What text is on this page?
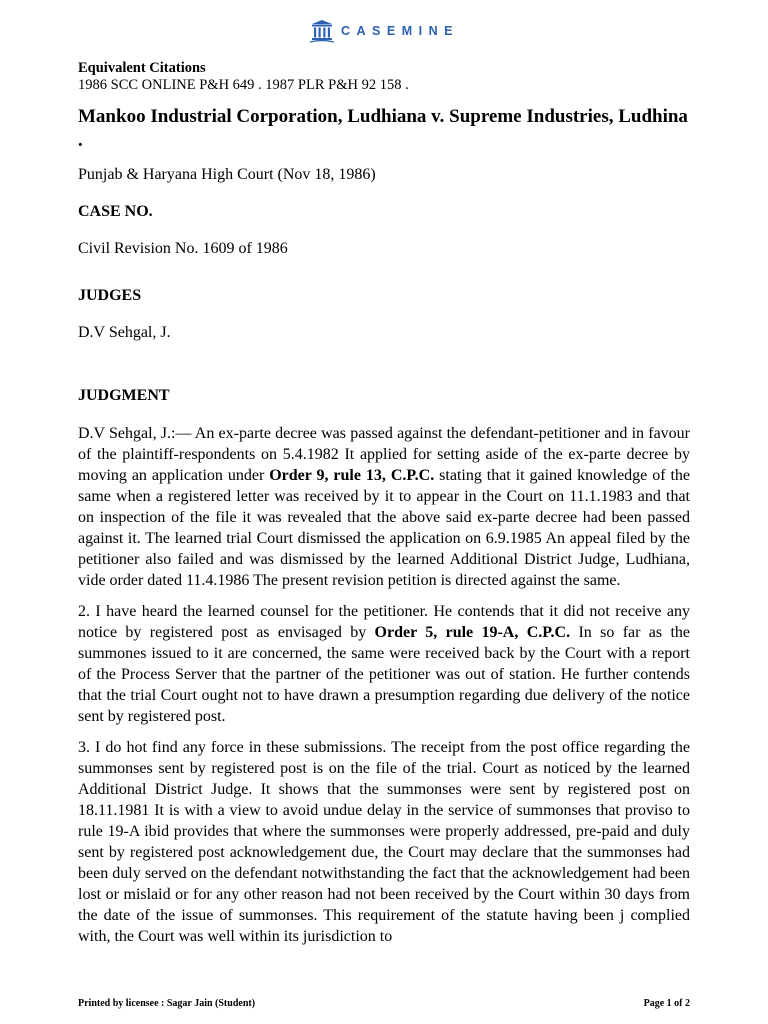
CASEMINE
Equivalent Citations
1986 SCC ONLINE P&H 649 . 1987 PLR P&H 92 158 .
Mankoo Industrial Corporation, Ludhiana v. Supreme Industries, Ludhina .
Punjab & Haryana High Court (Nov 18, 1986)
CASE NO.
Civil Revision No. 1609 of 1986
JUDGES
D.V Sehgal, J.
JUDGMENT
D.V Sehgal, J.:— An ex-parte decree was passed against the defendant-petitioner and in favour of the plaintiff-respondents on 5.4.1982 It applied for setting aside of the ex-parte decree by moving an application under Order 9, rule 13, C.P.C. stating that it gained knowledge of the same when a registered letter was received by it to appear in the Court on 11.1.1983 and that on inspection of the file it was revealed that the above said ex-parte decree had been passed against it. The learned trial Court dismissed the application on 6.9.1985 An appeal filed by the petitioner also failed and was dismissed by the learned Additional District Judge, Ludhiana, vide order dated 11.4.1986 The present revision petition is directed against the same.
2. I have heard the learned counsel for the petitioner. He contends that it did not receive any notice by registered post as envisaged by Order 5, rule 19-A, C.P.C. In so far as the summones issued to it are concerned, the same were received back by the Court with a report of the Process Server that the partner of the petitioner was out of station. He further contends that the trial Court ought not to have drawn a presumption regarding due delivery of the notice sent by registered post.
3. I do hot find any force in these submissions. The receipt from the post office regarding the summonses sent by registered post is on the file of the trial. Court as noticed by the learned Additional District Judge. It shows that the summonses were sent by registered post on 18.11.1981 It is with a view to avoid undue delay in the service of summonses that proviso to rule 19-A ibid provides that where the summonses were properly addressed, pre-paid and duly sent by registered post acknowledgement due, the Court may declare that the summonses had been duly served on the defendant notwithstanding the fact that the acknowledgement had been lost or mislaid or for any other reason had not been received by the Court within 30 days from the date of the issue of summonses. This requirement of the statute having been j complied with, the Court was well within its jurisdiction to
Printed by licensee : Sagar Jain (Student)	Page 1 of 2
